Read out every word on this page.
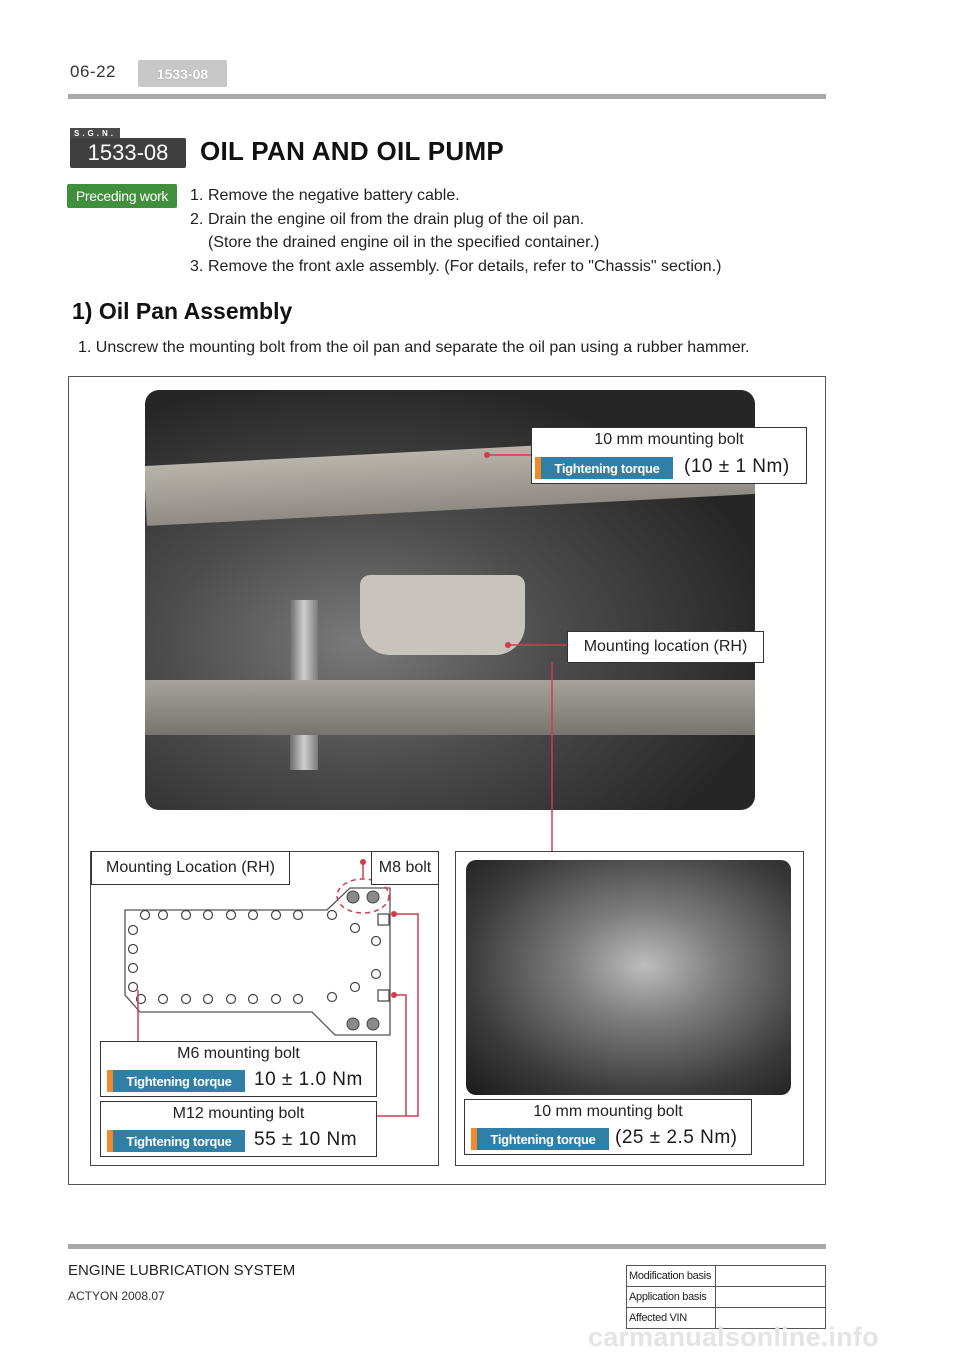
06-22	1533-08
S.G.N.
1533-08	OIL PAN AND OIL PUMP
Preceding work	1. Remove the negative battery cable.
2. Drain the engine oil from the drain plug of the oil pan.
(Store the drained engine oil in the specified container.)
3. Remove the front axle assembly. (For details, refer to "Chassis" section.)
1) Oil Pan Assembly
1. Unscrew the mounting bolt from the oil pan and separate the oil pan using a rubber hammer.
10 mm mounting bolt
Tightening torque	(10 ± 1 Nm)
Mounting location (RH)
Mounting Location (RH)	M8 bolt
M6 mounting bolt
Tightening torque	10 ± 1.0 Nm
M12 mounting bolt
Tightening torque	55 ± 10 Nm
10 mm mounting bolt
Tightening torque	(25 ± 2.5 Nm)
ENGINE LUBRICATION SYSTEM
ACTYON 2008.07
Modification basis	
Application basis	
Affected VIN	
carmanualsonline.info
